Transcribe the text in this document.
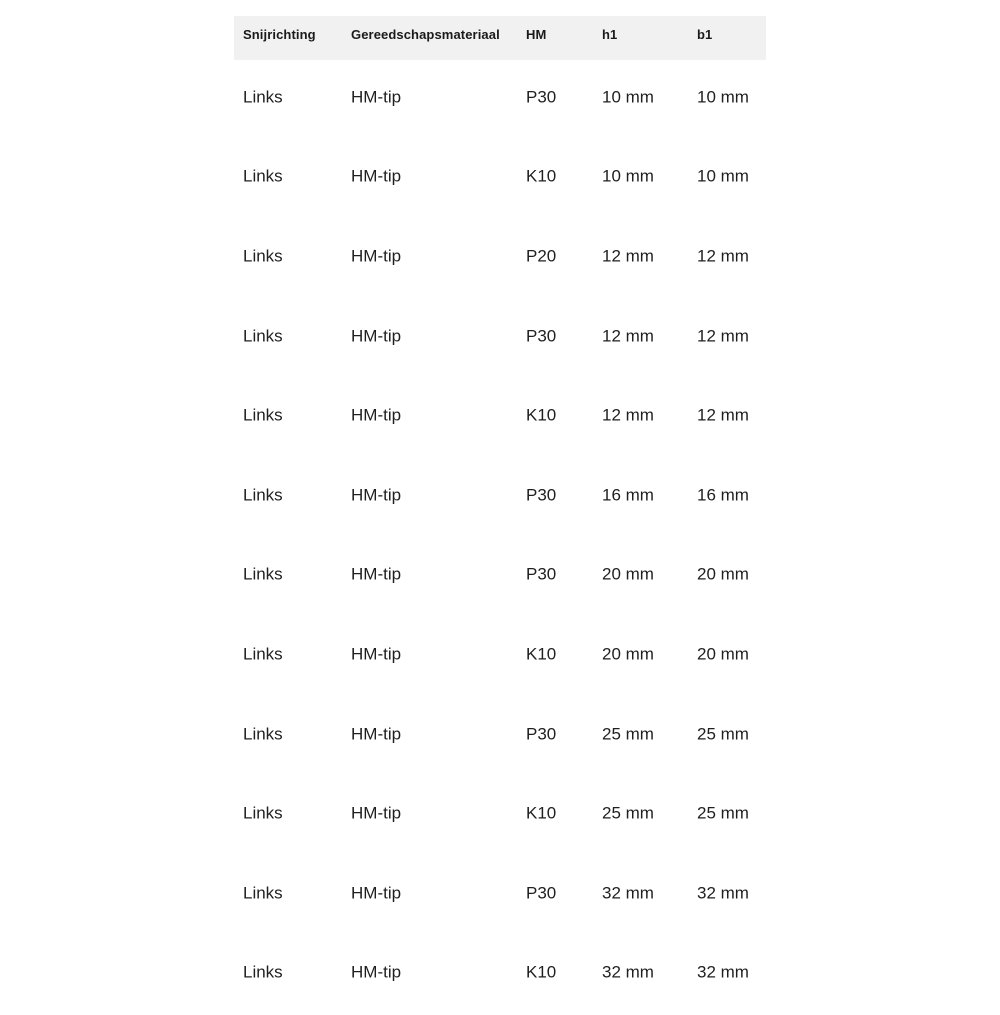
Snijrichting	Gereedschapsmateriaal	HM	h1	b1
Links	HM-tip	P30	10 mm	10 mm
Links	HM-tip	K10	10 mm	10 mm
Links	HM-tip	P20	12 mm	12 mm
Links	HM-tip	P30	12 mm	12 mm
Links	HM-tip	K10	12 mm	12 mm
Links	HM-tip	P30	16 mm	16 mm
Links	HM-tip	P30	20 mm	20 mm
Links	HM-tip	K10	20 mm	20 mm
Links	HM-tip	P30	25 mm	25 mm
Links	HM-tip	K10	25 mm	25 mm
Links	HM-tip	P30	32 mm	32 mm
Links	HM-tip	K10	32 mm	32 mm
